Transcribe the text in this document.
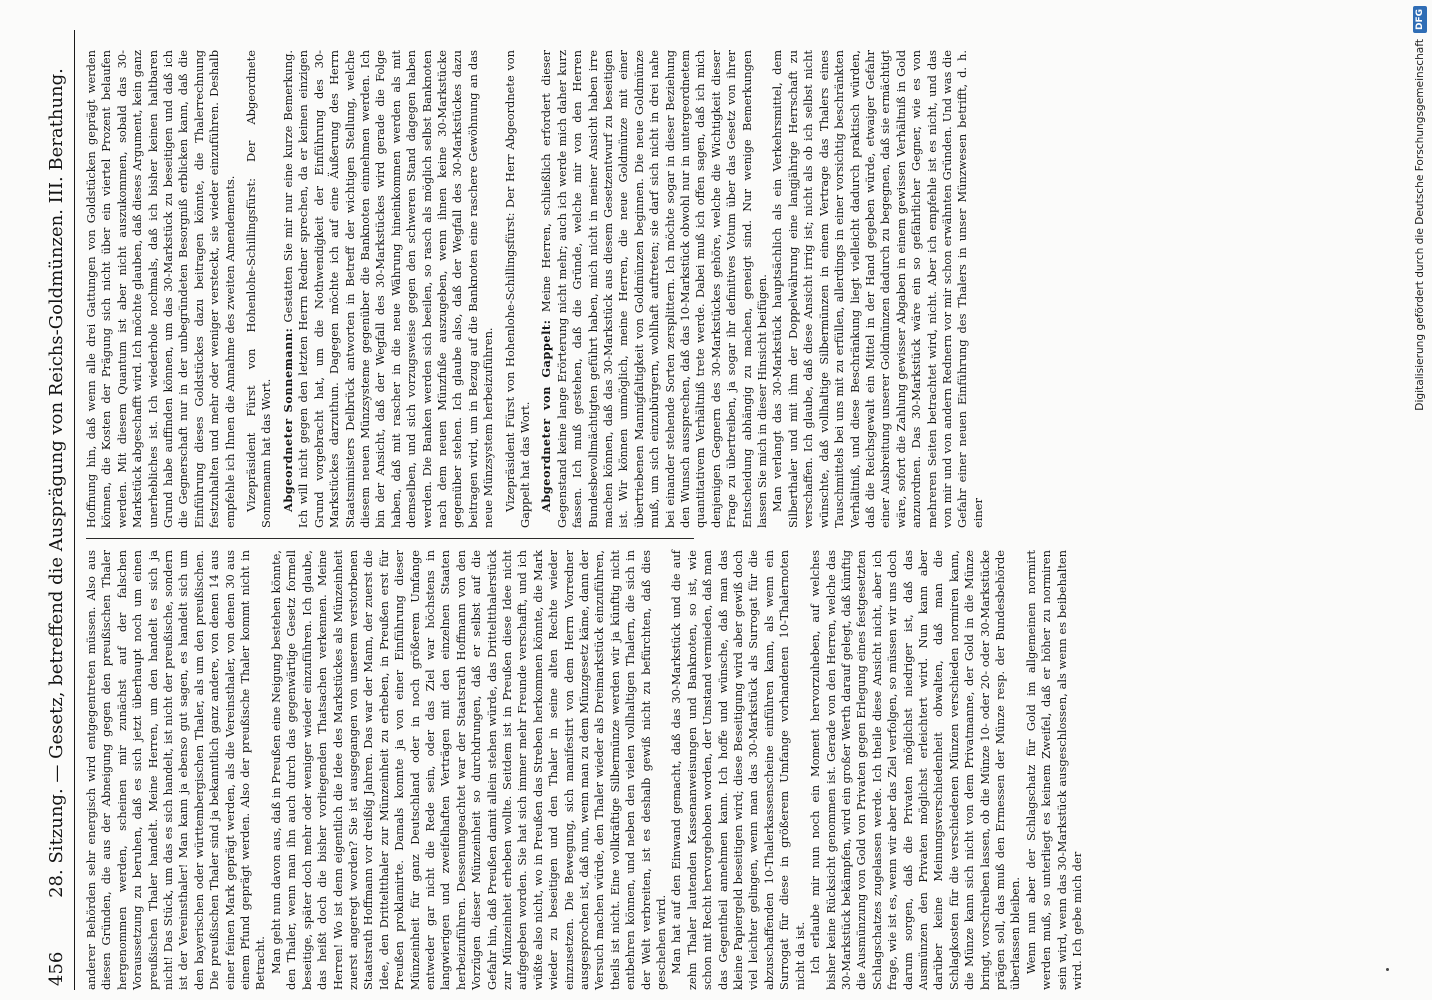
456
28. Sitzung. — Gesetz, betreffend die Ausprägung von Reichs-Goldmünzen. III. Berathung.	anderer Behörden sehr energisch wird entgegentreten müssen. Also aus diesen Gründen, die aus der Abneigung gegen den preußischen Thaler hergenommen werden, scheinen mir zunächst auf der falschen Voraussetzung zu beruhen, daß es sich jetzt überhaupt noch um einen preußischen Thaler handelt. Meine Herren, um den handelt es sich ja nicht! Das Stück, um das es sich handelt, ist nicht der preußische, sondern ist der Vereinsthaler! Man kann ja ebenso gut sagen, es handelt sich um den bayerischen oder württembergischen Thaler, als um den preußischen. Die preußischen Thaler sind ja bekanntlich ganz andere, von denen 14 aus einer feinen Mark geprägt werden, als die Vereinsthaler, von denen 30 aus einem Pfund geprägt werden. Also der preußische Thaler kommt nicht in Betracht. Man geht nun davon aus, daß in Preußen eine Neigung bestehen könnte, den Thaler, wenn man ihn auch durch das gegenwärtige Gesetz formell beseitige, später doch mehr oder weniger wieder einzuführen. Ich glaube, das heißt doch die bisher vorliegenden Thatsachen verkennen. Meine Herren! Wo ist denn eigentlich die Idee des Markstückes als Münzeinheit zuerst angeregt worden? Sie ist ausgegangen von unserem verstorbenen Staatsrath Hoffmann vor dreißig Jahren. Das war der Mann, der zuerst die Idee, den Dritteltthaler zur Münzeinheit zu erheben, in Preußen erst für Preußen proklamirte. Damals konnte ja von einer Einführung dieser Münzeinheit für ganz Deutschland oder in noch größerem Umfange entweder gar nicht die Rede sein, oder das Ziel war höchstens in langwierigen und zweifelhaften Verträgen mit den einzelnen Staaten herbeizuführen. Dessenungeachtet war der Staatsrath Hoffmann von den Vorzügen dieser Münzeinheit so durchdrungen, daß er selbst auf die Gefahr hin, daß Preußen damit allein stehen würde, das Dritteltthalerstück zur Münzeinheit erheben wollte. Seitdem ist in Preußen diese Idee nicht aufgegeben worden. Sie hat sich immer mehr Freunde verschafft, und ich wüßte also nicht, wo in Preußen das Streben herkommen könnte, die Mark wieder zu beseitigen und den Thaler in seine alten Rechte wieder einzusetzen. Die Bewegung, sich manifestirt von dem Herrn Vorredner ausgesprochen ist, daß nun, wenn man zu dem Münzgesetz käme, dann der Versuch machen würde, den Thaler wieder als Dreimarkstück einzuführen, theils ist nicht. Eine vollkräftige Silbermünze werden wir ja künftig nicht entbehren können, und neben den vielen vollhaltigen Thalern, die sich in der Welt verbreiten, ist es deshalb gewiß nicht zu befürchten, daß dies geschehen wird. Man hat auf den Einwand gemacht, daß das 30-Markstück und die auf zehn Thaler lautenden Kassenanweisungen und Banknoten, so ist, wie schon mit Recht hervorgehoben worden, der Umstand vermieden, daß man das Gegentheil annehmen kann. Ich hoffe und wünsche, daß man das kleine Papiergeld beseitigen wird; diese Beseitigung wird aber gewiß doch viel leichter gelingen, wenn man das 30-Markstück als Surrogat für die abzuschaffenden 10-Thalerkassenscheine einführen kann, als wenn ein Surrogat für diese in größerem Umfange vorhandenen 10-Thalernoten nicht da ist. Ich erlaube mir nun noch ein Moment hervorzuheben, auf welches bisher keine Rücksicht genommen ist. Gerade von den Herren, welche das 30-Markstück bekämpfen, wird ein großer Werth darauf gelegt, daß künftig die Ausmünzung von Gold von Privaten gegen Erlegung eines festgesetzten Schlagschatzes zugelassen werde. Ich theile diese Ansicht nicht, aber ich frage, wie ist es, wenn wir aber das Ziel verfolgen, so müssen wir uns doch darum sorgen, daß die Privaten möglichst niedriger ist, daß das Ausmünzen den Privaten möglichst erleichtert wird. Nun kann aber darüber keine Meinungsverschiedenheit obwalten, daß man die Schlagkosten für die verschiedenen Münzen verschieden normiren kann, die Münze kann sich nicht von dem Privatmanne, der Gold in die Münze bringt, vorschreiben lassen, ob die Münze 10- oder 20- oder 30-Markstücke prägen soll, das muß den Ermessen der Münze resp. der Bundesbehörde überlassen bleiben. Wenn nun aber der Schlagschatz für Gold im allgemeinen normirt werden muß, so unterliegt es keinem Zweifel, daß er höher zu normiren sein wird, wenn das 30-Markstück ausgeschlossen, als wenn es beibehalten wird. Ich gebe mich der

Hoffnung hin, daß wenn alle drei Gattungen von Goldstücken geprägt werden können, die Kosten der Prägung sich nicht über ein viertel Prozent belaufen werden. Mit diesem Quantum ist aber nicht auszukommen, sobald das 30-Markstück abgeschafft wird. Ich möchte glauben, daß dieses Argument, kein ganz unerhebliches ist. Ich wiederhole nochmals, daß ich bisher keinen haltbaren Grund habe auffinden können, um das 30-Markstück zu beseitigen und daß ich die Gegnerschaft nur in der unbegründeten Besorgniß erblicken kann, daß die Einführung dieses Goldstückes dazu beitragen könnte, die Thalerrechnung festzuhalten und mehr oder weniger versteckt, sie wieder einzuführen. Deshalb empfehle ich Ihnen die Annahme des zweiten Amendements. Vizepräsident Fürst von Hohenlohe-Schillingsfürst: Der Abgeordnete Sonnemann hat das Wort. Abgeordneter Sonnemann: Gestatten Sie mir nur eine kurze Bemerkung. Ich will nicht gegen den letzten Herrn Redner sprechen, da er keinen einzigen Grund vorgebracht hat, um die Nothwendigkeit der Einführung des 30-Markstückes darzuthun. Dagegen möchte ich auf eine Äußerung des Herrn Staatsministers Delbrück antworten in Betreff der wichtigen Stellung, welche diesem neuen Münzsysteme gegenüber die Banknoten einnehmen werden. Ich bin der Ansicht, daß der Wegfall des 30-Markstückes wird gerade die Folge haben, daß mit rascher in die neue Währung hineinkommen werden als mit demselben, und sich vorzugsweise gegen den schweren Stand dagegen haben werden. Die Banken werden sich beeilen, so rasch als möglich selbst Banknoten nach dem neuen Münzfuße auszugeben, wenn ihnen keine 30-Markstücke gegenüber stehen. Ich glaube also, daß der Wegfall des 30-Markstückes dazu beitragen wird, um in Bezug auf die Banknoten eine raschere Gewöhnung an das neue Münzsystem herbeizuführen. Vizepräsident Fürst von Hohenlohe-Schillingsfürst: Der Herr Abgeordnete von Gappelt hat das Wort. Abgeordneter von Gappelt: Meine Herren, schließlich erfordert dieser Gegenstand keine lange Erörterung nicht mehr; auch ich werde mich daher kurz fassen. Ich muß gestehen, daß die Gründe, welche mir von den Herren Bundesbevollmächtigten geführt haben, mich nicht in meiner Ansicht haben irre machen können, daß das 30-Markstück aus diesem Gesetzentwurf zu beseitigen ist. Wir können unmöglich, meine Herren, die neue Goldmünze mit einer übertriebenen Mannigfaltigkeit von Goldmünzen beginnen. Die neue Goldmünze muß, um sich einzubürgern, wohlhaft auftreten; sie darf sich nicht in drei nahe bei einander stehende Sorten zersplittern. Ich möchte sogar in dieser Beziehung den Wunsch aussprechen, daß das 10-Markstück obwohl nur in untergeordnetem quantitativem Verhältniß trete werde. Dabei muß ich offen sagen, daß ich mich denjenigen Gegnern des 30-Markstückes gehöre, welche die Wichtigkeit dieser Frage zu übertreiben, ja sogar ihr definitives Votum über das Gesetz von ihrer Entscheidung abhängig zu machen, geneigt sind. Nur wenige Bemerkungen lassen Sie mich in dieser Hinsicht beifügen. Man verlangt das 30-Markstück hauptsächlich als ein Verkehrsmittel, dem Silberthaler und mit ihm der Doppelwährung eine langjährige Herrschaft zu verschaffen. Ich glaube, daß diese Ansicht irrig ist; nicht als ob ich selbst nicht wünschte, daß vollhaltige Silbermünzen in einem Vertrage das Thalers eines Tauschmittels bei uns mit zu erfüllen, allerdings in einer vorsichtig beschränkten Verhältniß, und diese Beschränkung liegt vielleicht dadurch praktisch würden, daß die Reichsgewalt ein Mittel in der Hand gegeben würde, etwaiger Gefahr einer Ausbreitung unserer Goldmünzen dadurch zu begegnen, daß sie ermächtigt wäre, sofort die Zahlung gewisser Abgaben in einem gewissen Verhältniß in Gold anzuordnen. Das 30-Markstück wäre ein so gefährlicher Gegner, wie es von mehreren Seiten betrachtet wird, nicht. Aber ich empfehle ist es nicht, und das von mir und von andern Rednern vor mir schon erwähnten Gründen. Und was die Gefahr einer neuen Einführung des Thalers in unser Münzwesen betrifft, d. h. einer

Digitalisierung gefördert durch die Deutsche Forschungsgemeinschaft
DFG
